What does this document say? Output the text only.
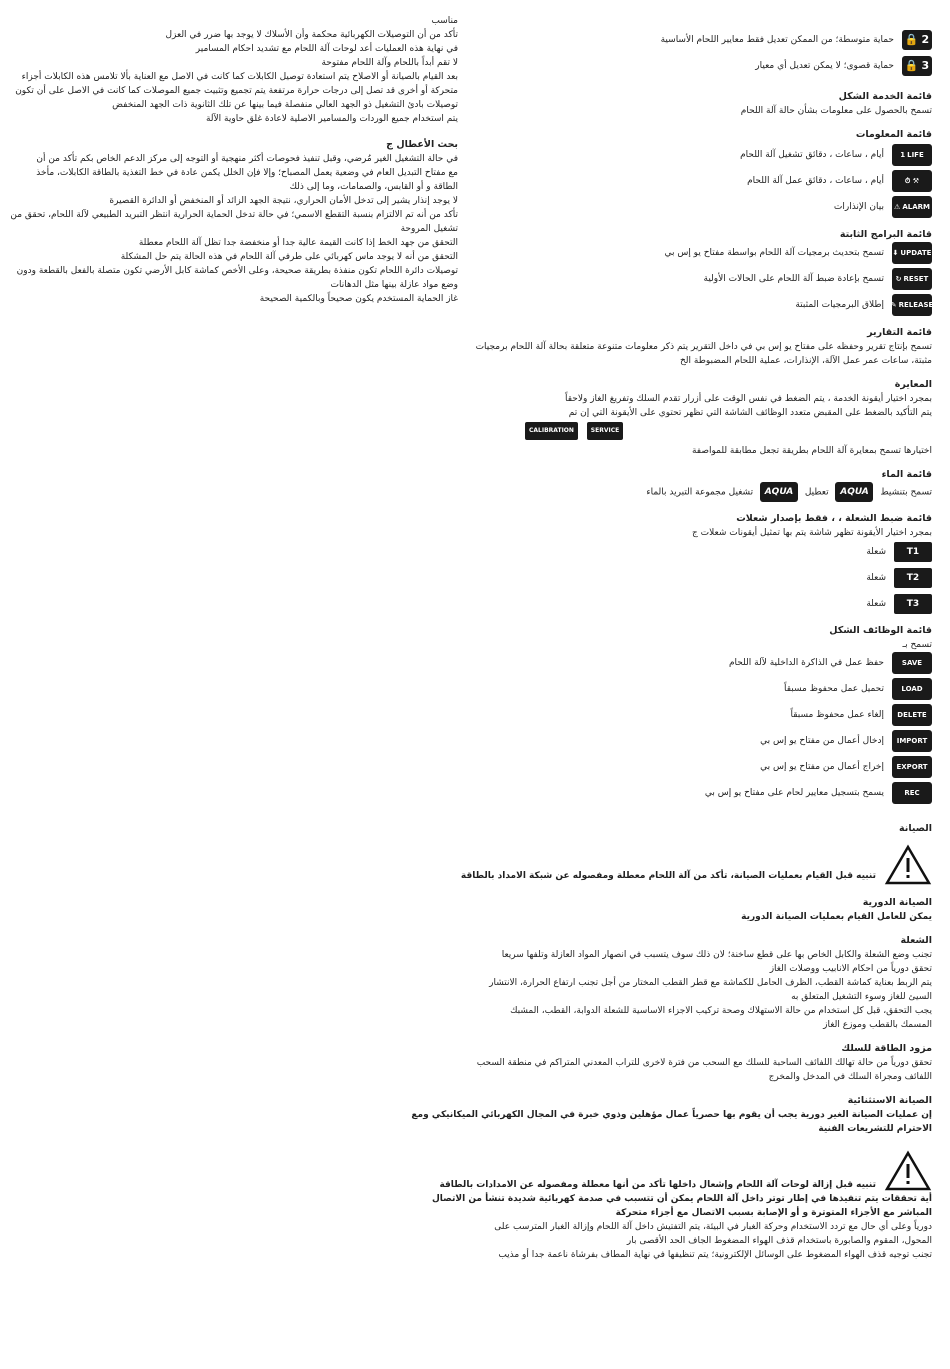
مناسب
تأكد من أن التوصيلات الكهربائية محكمة وأن الأسلاك لا يوجد بها ضرر في العزل
في نهاية هذه العمليات أعد لوحات آلة اللحام مع تشديد احكام المسامير
لا تقم أبداً باللحام وآلة اللحام مفتوحة
بعد القيام بالصيانة أو الاصلاح يتم استعادة توصيل الكابلات كما كانت في الاصل مع العناية بألا تلامس هذه الكابلات أجزاء
متحركة أو أخرى قد تصل إلى درجات حرارة مرتفعة يتم تجميع وتثبيت جميع الموصلات كما كانت في الاصل على أن تكون
توصيلات بادئ التشغيل ذو الجهد العالي منفصلة فيما بينها عن تلك الثانوية ذات الجهد المنخفض
يتم استخدام جميع الوردات والمسامير الاصلية لاعادة غلق حاوية الآلة
بحث الأعطال ج
في حالة التشغيل الغير مُرضي، وقبل تنفيذ فحوصات أكثر منهجية أو التوجه إلى مركز الدعم الخاص بكم تأكد من أن
مع مفتاح التبديل العام في وضعية يعمل المصباح؛ وإلا فإن الخلل يكمن عادة في خط التغذية بالطاقة الكابلات، مأخذ
الطاقة و أو القابس، والصمامات، وما إلى ذلك
لا يوجد إنذار يشير إلى تدخل الأمان الحراري، نتيجة الجهد الزائد أو المنخفض أو الدائرة القصيرة
تأكد من أنه تم الالتزام بنسبة التقطع الاسمي؛ في حالة تدخل الحماية الحرارية انتظر التبريد الطبيعي لآلة اللحام، تحقق من
تشغيل المروحة
التحقق من جهد الخط إذا كانت القيمة عالية جدا أو منخفضة جدا تظل آلة اللحام معطلة
التحقق من أنه لا يوجد ماس كهربائي على طرفي آلة اللحام في هذه الحالة يتم حل المشكلة
توصيلات دائرة اللحام تكون منفذة بطريقة صحيحة، وعلى الأخص كماشة كابل الأرضي تكون متصلة بالفعل بالقطعة ودون
وضع مواد عازلة بينها مثل الدهانات
غاز الحماية المستخدم يكون صحيحاً وبالكمية الصحيحة
🔒 2
حماية متوسطة؛ من الممكن تعديل فقط معايير اللحام الأساسية
🔒 3
حماية قصوى؛ لا يمكن تعديل أي معيار
قائمة الخدمة الشكل
تسمح بالحصول على معلومات بشأن حالة آلة اللحام
قائمة المعلومات
1 LIFE
أيام ، ساعات ، دقائق تشغيل آلة اللحام
⏱ ⚒
أيام ، ساعات ، دقائق عمل آلة اللحام
⚠ ALARM
بيان الإنذارات
قائمة البرامج الثابتة
⬇ UPDATE
تسمح بتحديث برمجيات آلة اللحام بواسطة مفتاح يو إس بي
↻ RESET
تسمح بإعادة ضبط آلة اللحام على الحالات الأولية
✎ RELEASE
إطلاق البرمجيات المثبتة
قائمة التقارير
تسمح بإنتاج تقرير وحفظه على مفتاح يو إس بي في داخل التقرير يتم ذكر معلومات متنوعة متعلقة بحالة آلة اللحام برمجيات
مثبتة، ساعات عمر عمل الآلة، الإنذارات، عملية اللحام المضبوطة الخ
المعايرة
بمجرد اختيار أيقونة الخدمة ، يتم الضغط في نفس الوقت على أزرار تقدم السلك وتفريغ الغاز ولاحقاً
يتم التأكيد بالضغط على المقبض متعدد الوظائف الشاشة التي تظهر تحتوي على الأيقونة التي إن تم
CALIBRATION	SERVICE
اختيارها تسمح بمعايرة آلة اللحام بطريقة تجعل مطابقة للمواصفة
قائمة الماء
تسمح بتنشيط AQUA تعطيل AQUA تشغيل مجموعة التبريد بالماء
قائمة ضبط الشعلة ، ، فقط بإصدار شعلات
بمجرد اختيار الأيقونة تظهر شاشة يتم بها تمثيل أيقونات شعلات ج
T1
شعلة
T2
شعلة
T3
شعلة
قائمة الوظائف الشكل
تسمح بـ
SAVE
حفظ عمل في الذاكرة الداخلية لآلة اللحام
LOAD
تحميل عمل محفوظ مسبقاً
DELETE
إلغاء عمل محفوظ مسبقاً
IMPORT
إدخال أعمال من مفتاح يو إس بي
EXPORT
إخراج أعمال من مفتاح يو إس بي
REC
يسمح بتسجيل معايير لحام على مفتاح يو إس بي
الصيانة
تنبيه قبل القيام بعمليات الصيانة، تأكد من آلة اللحام معطلة ومفصوله عن شبكة الامداد بالطاقة
الصيانة الدورية
يمكن للعامل القيام بعمليات الصيانة الدورية
الشعلة
تجنب وضع الشعلة والكابل الخاص بها على قطع ساخنة؛ لان ذلك سوف يتسبب في انصهار المواد العازلة وتلفها سريعا
تحقق دورياً من احكام الانابيب ووصلات الغاز
يتم الربط بعناية كماشة القطب، الظرف الحامل للكماشة مع قطر القطب المختار من أجل تجنب ارتفاع الحرارة، الانتشار
السيئ للغاز وسوء التشغيل المتعلق به
يجب التحقق، قبل كل استخدام من حالة الاستهلاك وصحة تركيب الاجزاء الاساسية للشعلة الدوابة، القطب، المشبك
المسمك بالقطب وموزع الغاز
مزود الطاقة للسلك
تحقق دورياً من حالة تهالك اللفائف الساحبة للسلك مع السحب من فترة لاخرى للتراب المعدني المتراكم في منطقة السحب
اللفائف ومجراة السلك في المدخل والمخرج
الصيانة الاستثنائية
إن عمليات الصيانة الغير دورية يجب أن يقوم بها حصرياً عمال مؤهلين وذوي خبرة في المجال الكهربائي الميكانيكي ومع
الاحترام للتشريعات الفنية
تنبيه قبل إزالة لوحات آلة اللحام وإشعال داخلها تأكد من أنها معطلة ومفصوله عن الامدادات بالطاقة
أية تحققات يتم تنفيذها في إطار توتر داخل آلة اللحام يمكن أن تتسبب في صدمة كهربائية شديدة تنشأ من الاتصال
المباشر مع الأجزاء المتوترة و أو الإصابة بسبب الاتصال مع أجزاء متحركة
دورياً وعلى أي حال مع تردد الاستخدام وحركة الغبار في البيئة، يتم التفتيش داخل آلة اللحام وإزالة الغبار المترسب على
المحول، المقوم والصابورة باستخدام قذف الهواء المضغوط الجاف الحد الأقصى بار
تجنب توجيه قذف الهواء المضغوط على الوسائل الإلكترونية؛ يتم تنظيفها في نهاية المطاف بفرشاة ناعمة جدا أو مذيب
